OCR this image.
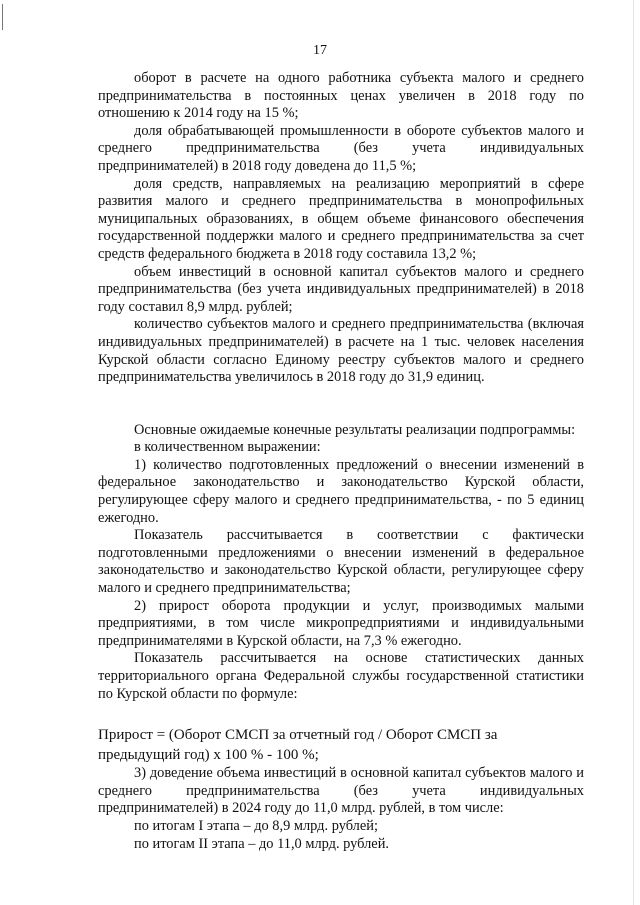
17

оборот в расчете на одного работника субъекта малого и среднего предпринимательства в постоянных ценах увеличен в 2018 году по отношению к 2014 году на 15 %;

доля обрабатывающей промышленности в обороте субъектов малого и среднего предпринимательства (без учета индивидуальных предпринимателей) в 2018 году доведена до 11,5 %;

доля средств, направляемых на реализацию мероприятий в сфере развития малого и среднего предпринимательства в монопрофильных муниципальных образованиях, в общем объеме финансового обеспечения государственной поддержки малого и среднего предпринимательства за счет средств федерального бюджета в 2018 году составила 13,2 %;

объем инвестиций в основной капитал субъектов малого и среднего предпринимательства (без учета индивидуальных предпринимателей) в 2018 году составил 8,9 млрд. рублей;

количество субъектов малого и среднего предпринимательства (включая индивидуальных предпринимателей) в расчете на 1 тыс. человек населения Курской области согласно Единому реестру субъектов малого и среднего предпринимательства увеличилось в 2018 году до 31,9 единиц.

Основные ожидаемые конечные результаты реализации подпрограммы:

в количественном выражении:

1) количество подготовленных предложений о внесении изменений в федеральное законодательство и законодательство Курской области, регулирующее сферу малого и среднего предпринимательства, - по 5 единиц ежегодно.

Показатель рассчитывается в соответствии с фактически подготовленными предложениями о внесении изменений в федеральное законодательство и законодательство Курской области, регулирующее сферу малого и среднего предпринимательства;

2) прирост оборота продукции и услуг, производимых малыми предприятиями, в том числе микропредприятиями и индивидуальными предпринимателями в Курской области, на 7,3 % ежегодно.

Показатель рассчитывается на основе статистических данных территориального органа Федеральной службы государственной статистики по Курской области по формуле:

Прирост = (Оборот СМСП за отчетный год / Оборот СМСП за

предыдущий год) х 100 % - 100 %;

3) доведение объема инвестиций в основной капитал субъектов малого и среднего предпринимательства (без учета индивидуальных предпринимателей) в 2024 году до 11,0 млрд. рублей, в том числе:

по итогам I этапа – до 8,9 млрд. рублей;

по итогам II этапа – до 11,0 млрд. рублей.
